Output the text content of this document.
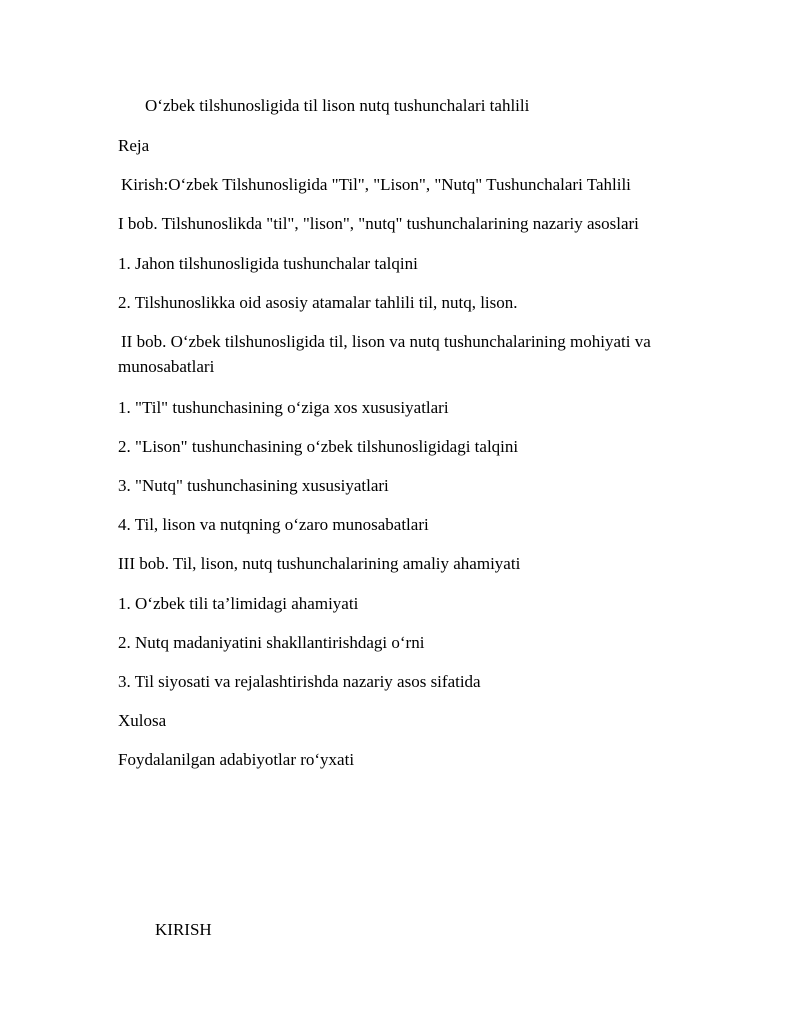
O‘zbek tilshunosligida til lison nutq tushunchalari tahlili
Reja
Kirish:O‘zbek Tilshunosligida "Til", "Lison", "Nutq" Tushunchalari Tahlili
I bob. Tilshunoslikda "til", "lison", "nutq" tushunchalarining nazariy asoslari
1. Jahon tilshunosligida tushunchalar talqini
2. Tilshunoslikka oid asosiy atamalar tahlili til, nutq, lison.
II bob. O‘zbek tilshunosligida til, lison va nutq tushunchalarining mohiyati va munosabatlari
1. "Til" tushunchasining o‘ziga xos xususiyatlari
2. "Lison" tushunchasining o‘zbek tilshunosligidagi talqini
3. "Nutq" tushunchasining xususiyatlari
4. Til, lison va nutqning o‘zaro munosabatlari
III bob. Til, lison, nutq tushunchalarining amaliy ahamiyati
1. O‘zbek tili ta’limidagi ahamiyati
2. Nutq madaniyatini shakllantirishdagi o‘rni
3. Til siyosati va rejalashtirishda nazariy asos sifatida
Xulosa
Foydalanilgan adabiyotlar ro‘yxati
KIRISH
